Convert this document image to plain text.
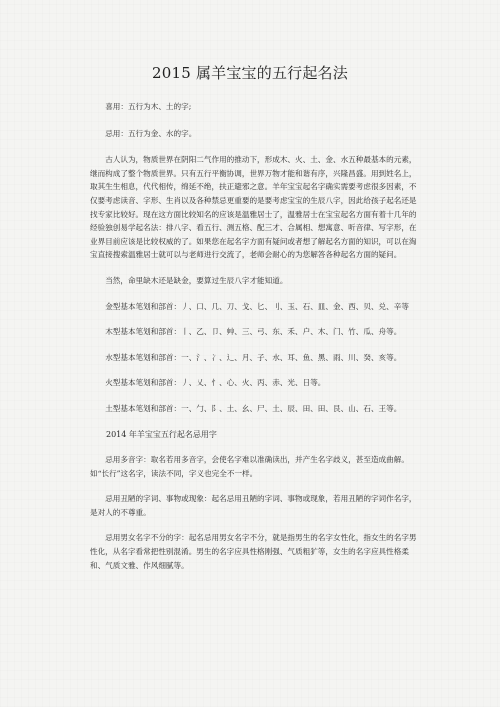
2015 属羊宝宝的五行起名法

喜用：五行为木、土的字;

忌用：五行为金、水的字。

古人认为，物质世界在阴阳二气作用的推动下，形成木、火、土、金、水五种最基本的元素，继而构成了整个物质世界。只有五行平衡协调，世界万物才能和谐有序，兴隆昌盛。用到姓名上，取其生生相息，代代相传，绵延不绝，扶正避邪之意。羊年宝宝起名字确实需要考虑很多因素，不仅要考虑读音、字形、生肖以及各种禁忌更重要的是要考虑宝宝的生辰八字，因此给孩子起名还是找专家比较好。现在这方面比较知名的应该是温雅居士了，温雅居士在宝宝起名方面有着十几年的经验独创易学起名法：排八字、看五行、测五格、配三才、合属相、想寓意、听音律、写字形，在业界目前应该是比较权威的了。如果您在起名字方面有疑问或者想了解起名方面的知识，可以在淘宝直接搜索温雅居士就可以与老师进行交流了，老师会耐心的为您解答各种起名方面的疑问。

当然，命里缺木还是缺金，要算过生辰八字才能知道。

金型基本笔划和部首：丿、口、几、刀、戈、匕、刂、玉、石、皿、金、西、贝、兑、辛等

木型基本笔划和部首：丨、乙、卩、艸、三、弓、东、禾、户、木、门、竹、瓜、舟等。

水型基本笔划和部首：一、氵、冫、辶、月、子、水、耳、鱼、黑、雨、川、癸、亥等。

火型基本笔划和部首：丿、乂、忄、心、火、丙、赤、光、日等。

土型基本笔划和部首：一、勹、阝、土、幺、尸、土、辰、田、田、艮、山、石、王等。

2014 年羊宝宝五行起名忌用字

忌用多音字：取名若用多音字，会使名字难以准确读出，并产生名字歧义，甚至造成曲解。如“长行”这名字，读法不同，字义也完全不一样。

忌用丑陋的字词、事物或现象：起名忌用丑陋的字词、事物或现象，若用丑陋的字词作名字，是对人的不尊重。

忌用男女名字不分的字：起名忌用男女名字不分，就是指男生的名字女性化，指女生的名字男性化，从名字看常把性别混淆。男生的名字应具性格刚强、气质粗犷等，女生的名字应具性格柔和、气质文雅、作风细腻等。
